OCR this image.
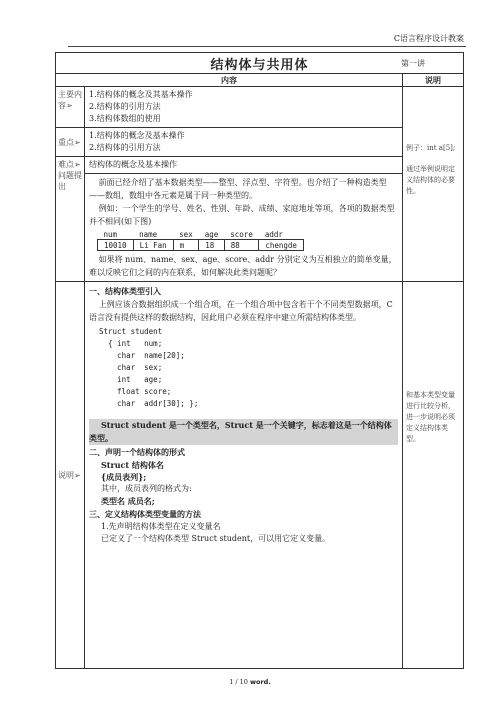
C语言程序设计教案
结构体与共用体	第一讲

内容	说明
主要内容➢	
1.结构体的概念及其基本操作
2.结构体的引用方法
3.结构体数组的使用

例子：int a[5];
通过举例说明定义结构体的必要性。

重点➢	
1.结构体的概念及基本操作
2.结构体的引用方法

难点➢
问题提出

结构体的概念及基本操作

前面已经介绍了基本数据类型——整型、浮点型、字符型。也介绍了一种构造类型——数组，数组中各元素是属于同一种类型的。
例如：一个学生的学号、姓名、性别、年龄、成绩、家庭地址等项，各项的数据类型并不相同(如下图)
num	name	sex	age	score	addr
10010	Li Fan	m	18	88	chengde
如果将 num、name、sex、age、score、addr 分别定义为互相独立的简单变量，难以反映它们之间的内在联系，如何解决此类问题呢？

说明➢

一、结构体类型引入
上例应该合数据组织成一个组合项，在一个组合项中包含若干个不同类型数据项，C语言没有提供这样的数据结构，因此用户必须在程序中建立所需结构体类型。
Struct student
{ int   num;
char  name[20];
char  sex;
int   age;
float score;
char  addr[30]; };
Struct student 是一个类型名，Struct 是一个关键字，标志着这是一个结构体类型。
二、声明一个结构体的形式
Struct 结构体名
{成员表列};
其中，成员表列的格式为:
类型名 成员名;
三、定义结构体类型变量的方法
1.先声明结构体类型在定义变量名
已定义了一个结构体类型 Struct student，可以用它定义变量。

和基本类型变量进行比较分析，进一步说明必须定义结构体类型。
1 / 10 word.
